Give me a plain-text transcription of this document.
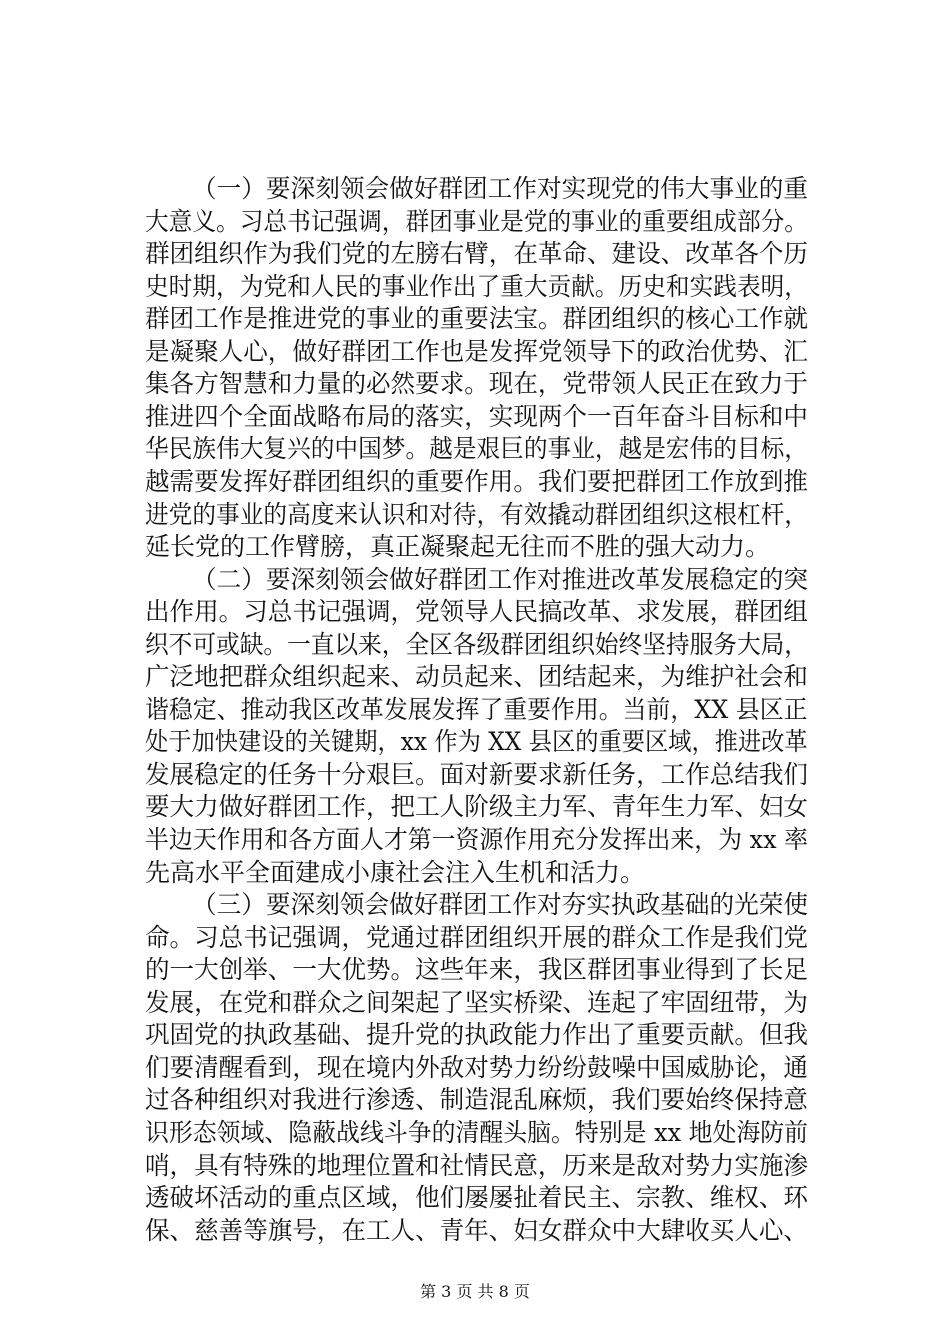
（一）要深刻领会做好群团工作对实现党的伟大事业的重
大意义。习总书记强调，群团事业是党的事业的重要组成部分。
群团组织作为我们党的左膀右臂，在革命、建设、改革各个历
史时期，为党和人民的事业作出了重大贡献。历史和实践表明，
群团工作是推进党的事业的重要法宝。群团组织的核心工作就
是凝聚人心，做好群团工作也是发挥党领导下的政治优势、汇
集各方智慧和力量的必然要求。现在，党带领人民正在致力于
推进四个全面战略布局的落实，实现两个一百年奋斗目标和中
华民族伟大复兴的中国梦。越是艰巨的事业，越是宏伟的目标，
越需要发挥好群团组织的重要作用。我们要把群团工作放到推
进党的事业的高度来认识和对待，有效撬动群团组织这根杠杆，
延长党的工作臂膀，真正凝聚起无往而不胜的强大动力。
（二）要深刻领会做好群团工作对推进改革发展稳定的突
出作用。习总书记强调，党领导人民搞改革、求发展，群团组
织不可或缺。一直以来，全区各级群团组织始终坚持服务大局，
广泛地把群众组织起来、动员起来、团结起来，为维护社会和
谐稳定、推动我区改革发展发挥了重要作用。当前，XX 县区正
处于加快建设的关键期，xx 作为 XX 县区的重要区域，推进改革
发展稳定的任务十分艰巨。面对新要求新任务，工作总结我们
要大力做好群团工作，把工人阶级主力军、青年生力军、妇女
半边天作用和各方面人才第一资源作用充分发挥出来，为 xx 率
先高水平全面建成小康社会注入生机和活力。
（三）要深刻领会做好群团工作对夯实执政基础的光荣使
命。习总书记强调，党通过群团组织开展的群众工作是我们党
的一大创举、一大优势。这些年来，我区群团事业得到了长足
发展，在党和群众之间架起了坚实桥梁、连起了牢固纽带，为
巩固党的执政基础、提升党的执政能力作出了重要贡献。但我
们要清醒看到，现在境内外敌对势力纷纷鼓噪中国威胁论，通
过各种组织对我进行渗透、制造混乱麻烦，我们要始终保持意
识形态领域、隐蔽战线斗争的清醒头脑。特别是 xx 地处海防前
哨，具有特殊的地理位置和社情民意，历来是敌对势力实施渗
透破坏活动的重点区域，他们屡屡扯着民主、宗教、维权、环
保、慈善等旗号，在工人、青年、妇女群众中大肆收买人心、
第 3 页 共 8 页
